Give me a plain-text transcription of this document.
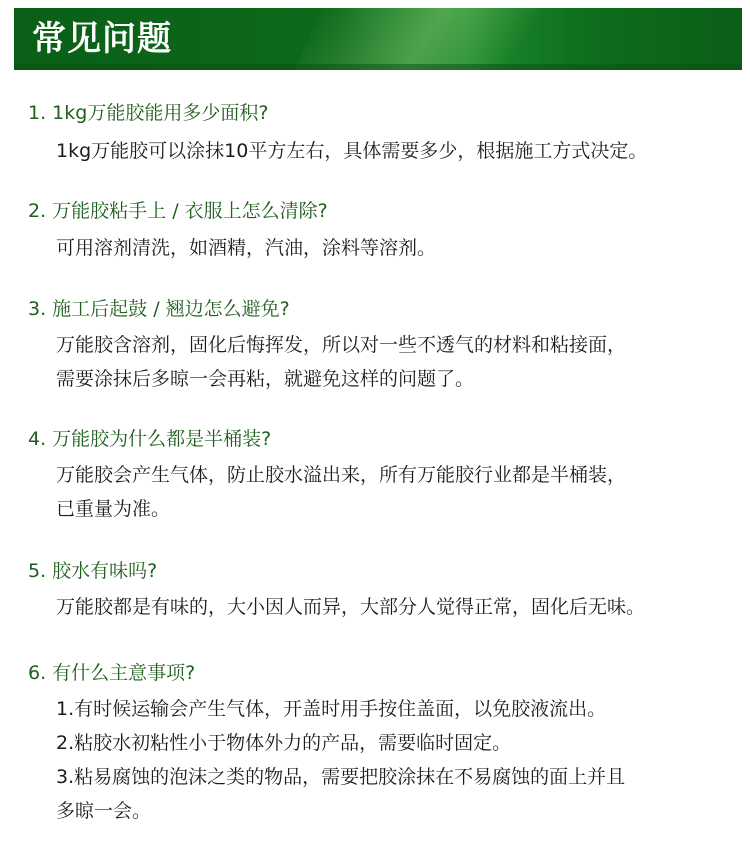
常见问题
1. 1kg万能胶能用多少面积?
1kg万能胶可以涂抹10平方左右，具体需要多少，根据施工方式决定。
2. 万能胶粘手上 / 衣服上怎么清除?
可用溶剂清洗，如酒精，汽油，涂料等溶剂。
3. 施工后起鼓 / 翘边怎么避免?
万能胶含溶剂，固化后悔挥发，所以对一些不透气的材料和粘接面，
需要涂抹后多晾一会再粘，就避免这样的问题了。
4. 万能胶为什么都是半桶装?
万能胶会产生气体，防止胶水溢出来，所有万能胶行业都是半桶装，
已重量为准。
5. 胶水有味吗?
万能胶都是有味的，大小因人而异，大部分人觉得正常，固化后无味。
6. 有什么主意事项?
1.有时候运输会产生气体，开盖时用手按住盖面，以免胶液流出。
2.粘胶水初粘性小于物体外力的产品，需要临时固定。
3.粘易腐蚀的泡沫之类的物品，需要把胶涂抹在不易腐蚀的面上并且
多晾一会。
